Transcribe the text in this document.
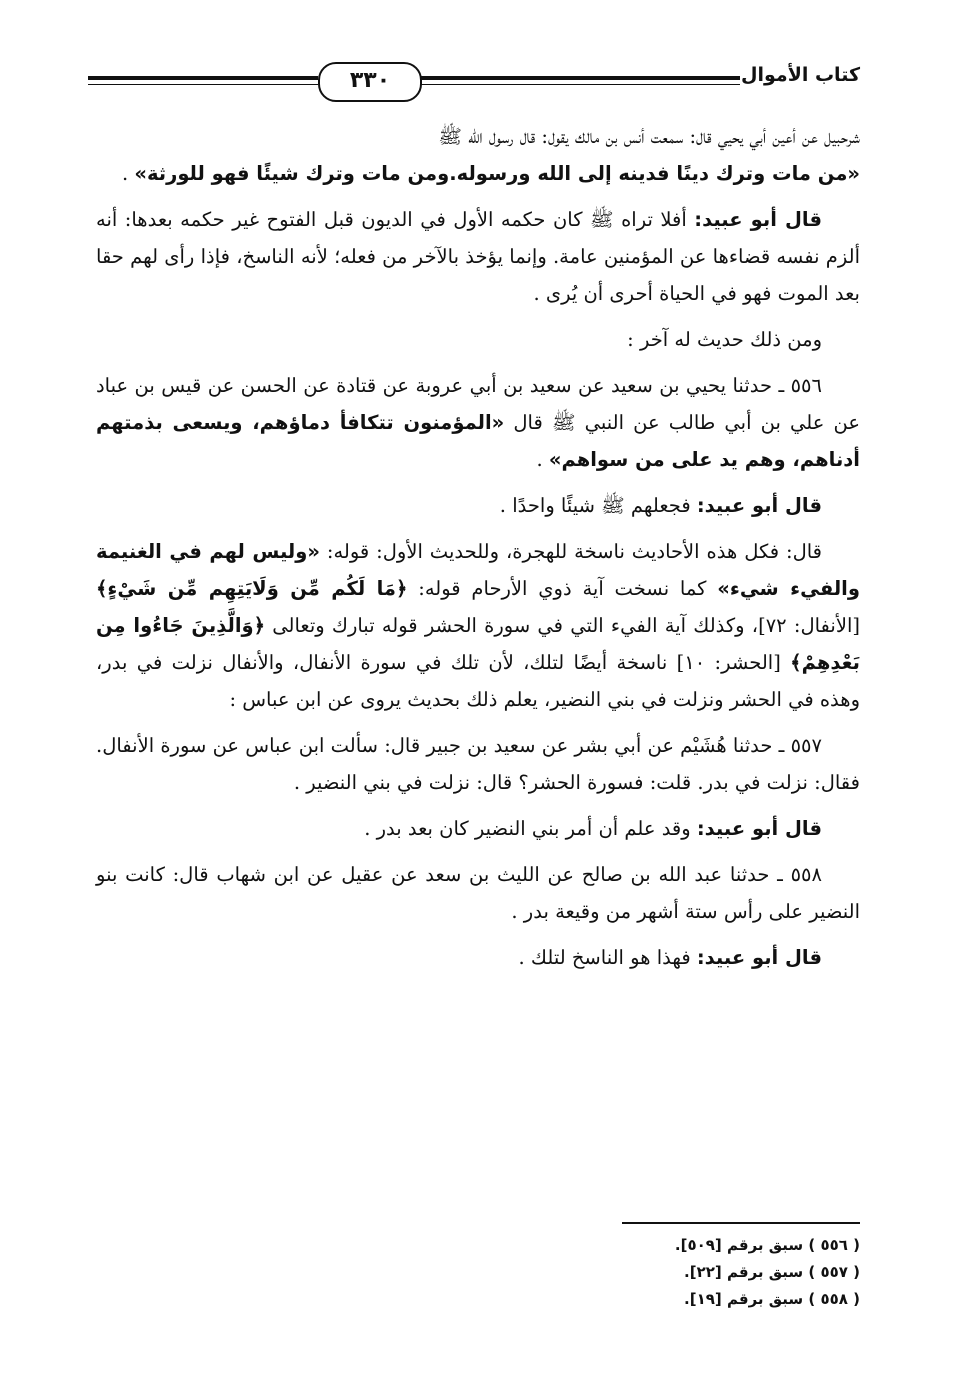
كتاب الأموال
٣٣٠

شرحبيل عن أعين أبي يحيي قال: سمعت أنس بن مالك يقول: قال رسول الله ﷺ
«من مات وترك دينًا فدينه إلى الله ورسوله.ومن مات وترك شيئًا فهو للورثة» .

قال أبو عبيد: أفلا تراه ﷺ كان حكمه الأول في الديون قبل الفتوح غير حكمه بعدها: أنه ألزم نفسه قضاءها عن المؤمنين عامة. وإنما يؤخذ بالآخر من فعله؛ لأنه الناسخ، فإذا رأى لهم حقا بعد الموت فهو في الحياة أحرى أن يُرى .

ومن ذلك حديث له آخر :

٥٥٦ ـ حدثنا يحيي بن سعيد عن سعيد بن أبي عروبة عن قتادة عن الحسن عن قيس بن عباد عن علي بن أبي طالب عن النبي ﷺ قال «المؤمنون تتكافأ دماؤهم، ويسعى بذمتهم أدناهم، وهم يد على من سواهم» .

قال أبو عبيد: فجعلهم ﷺ شيئًا واحدًا .

قال: فكل هذه الأحاديث ناسخة للهجرة، وللحديث الأول: قوله: «وليس لهم في الغنيمة والفيء شيء» كما نسخت آية ذوي الأرحام قوله: ﴿مَا لَكُم مِّن وَلَايَتِهِم مِّن شَيْءٍ﴾ [الأنفال: ٧٢]، وكذلك آية الفيء التي في سورة الحشر قوله تبارك وتعالى ﴿وَالَّذِينَ جَاءُوا مِن بَعْدِهِمْ﴾ [الحشر: ١٠] ناسخة أيضًا لتلك، لأن تلك في سورة الأنفال، والأنفال نزلت في بدر، وهذه في الحشر ونزلت في بني النضير، يعلم ذلك بحديث يروى عن ابن عباس :

٥٥٧ ـ حدثنا هُشَيْم عن أبي بشر عن سعيد بن جبير قال: سألت ابن عباس عن سورة الأنفال. فقال: نزلت في بدر. قلت: فسورة الحشر؟ قال: نزلت في بني النضير .

قال أبو عبيد: وقد علم أن أمر بني النضير كان بعد بدر .

٥٥٨ ـ حدثنا عبد الله بن صالح عن الليث بن سعد عن عقيل عن ابن شهاب قال: كانت بنو النضير على رأس ستة أشهر من وقيعة بدر .

قال أبو عبيد: فهذا هو الناسخ لتلك .

( ٥٥٦ ) سبق برقم [٥٠٩].

( ٥٥٧ ) سبق برقم [٢٢].

( ٥٥٨ ) سبق برقم [١٩].
